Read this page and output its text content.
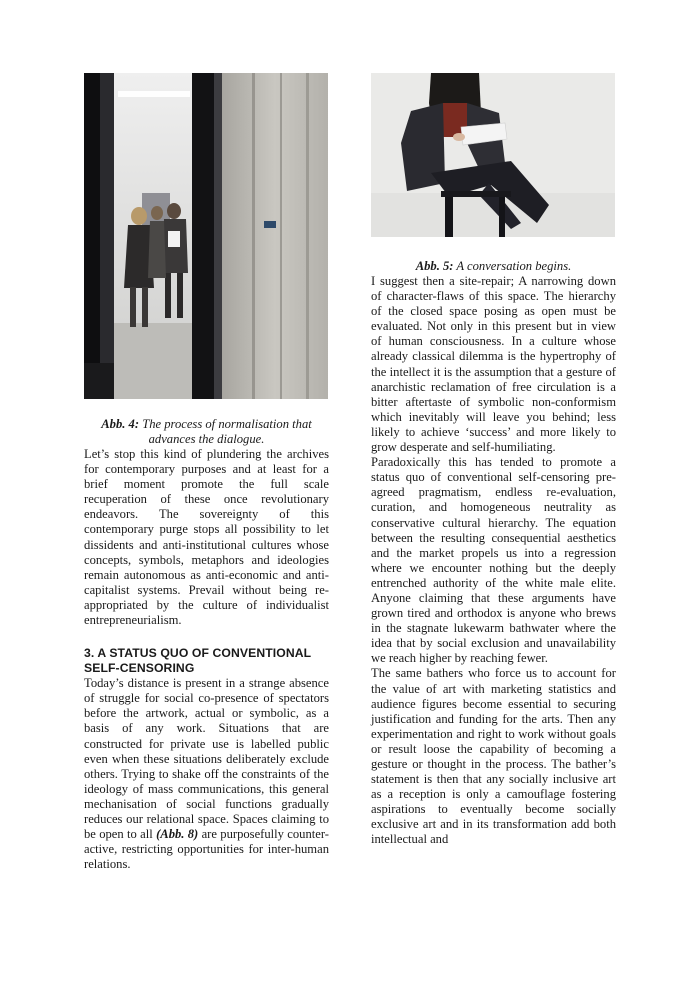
Abb. 4: The process of normalisation that advances the dialogue.

Let’s stop this kind of plundering the archives for contemporary purposes and at least for a brief moment promote the full scale recuperation of these once revolutionary endeavors. The sovereignty of this contemporary purge stops all possibility to let dissidents and anti-institutional cultures whose concepts, symbols, metaphors and ideologies remain autonomous as anti-economic and anti-capitalist systems. Prevail without being re-appropriated by the culture of individualist entrepreneurialism.

3. A STATUS QUO OF CONVENTIONAL SELF-CENSORING

Today’s distance is present in a strange absence of struggle for social co-presence of spectators before the artwork, actual or symbolic, as a basis of any work. Situations that are constructed for private use is labelled public even when these situations deliberately exclude others. Trying to shake off the constraints of the ideology of mass communications, this general mechanisation of social functions gradually reduces our relational space. Spaces claiming to be open to all (Abb. 8) are purposefully counter-active, restricting opportunities for inter-human relations.

Abb. 5: A conversation begins.

I suggest then a site-repair; A narrowing down of character-flaws of this space. The hierarchy of the closed space posing as open must be evaluated. Not only in this present but in view of human consciousness. In a culture whose already classical dilemma is the hypertrophy of the intellect it is the assumption that a gesture of anarchistic reclamation of free circulation is a bitter aftertaste of symbolic non-conformism which inevitably will leave you behind; less likely to achieve ‘success’ and more likely to grow desperate and self-humiliating.

Paradoxically this has tended to promote a status quo of conventional self-censoring pre-agreed pragmatism, endless re-evaluation, curation, and homogeneous neutrality as conservative cultural hierarchy. The equation between the resulting consequential aesthetics and the market propels us into a regression where we encounter nothing but the deeply entrenched authority of the white male elite. Anyone claiming that these arguments have grown tired and orthodox is anyone who brews in the stagnate lukewarm bathwater where the idea that by social exclusion and unavailability we reach higher by reaching fewer.

The same bathers who force us to account for the value of art with marketing statistics and audience figures become essential to securing justification and funding for the arts. Then any experimentation and right to work without goals or result loose the capability of becoming a gesture or thought in the process. The bather’s statement is then that any socially inclusive art as a reception is only a camouflage fostering aspirations to eventually become socially exclusive art and in its transformation add both intellectual and
